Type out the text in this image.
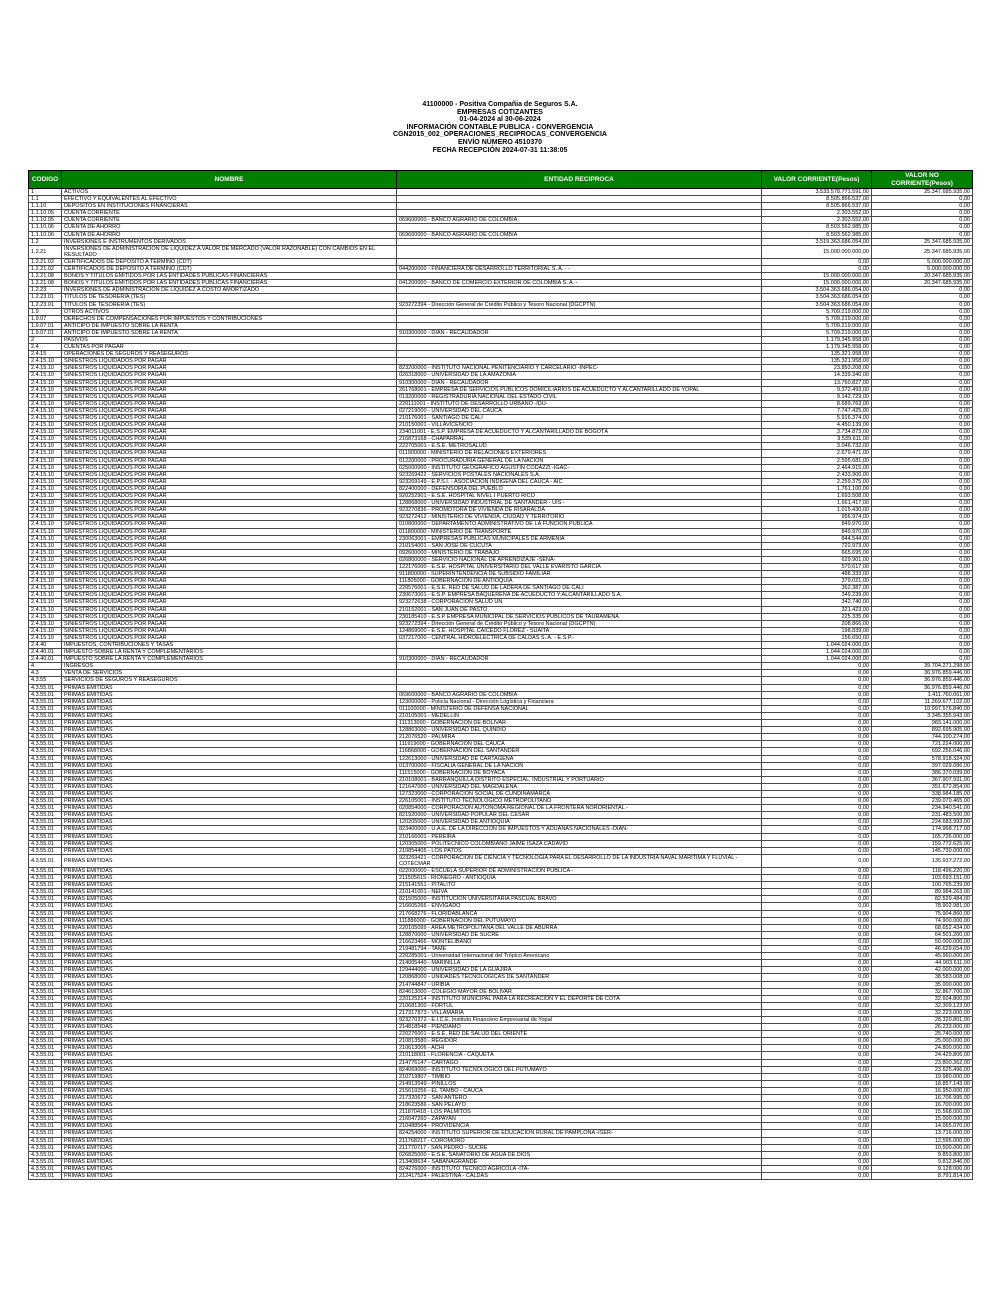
41100000 - Positiva Compañia de Seguros S.A.
EMPRESAS COTIZANTES
01-04-2024 al 30-06-2024
INFORMACIÓN CONTABLE PUBLICA - CONVERGENCIA
CGN2015_002_OPERACIONES_RECIPROCAS_CONVERGENCIA
ENVÍO NÚMERO 4510370
FECHA RECEPCIÓN 2024-07-31 11:38:05
CODIGO	NOMBRE	ENTIDAD RECIPROCA	VALOR CORRIENTE(Pesos)	VALOR NO CORRIENTE(Pesos)
1	ACTIVOS		3.533.578.771.591,00	25.347.685.935,00
1.1	EFECTIVO Y EQUIVALENTES AL EFECTIVO		8.505.866.537,00	0,00
1.1.10	DEPOSITOS EN INSTITUCIONES FINANCIERAS		8.505.866.537,00	0,00
1.1.10.05	CUENTA CORRIENTE		2.303.552,00	0,00
1.1.10.05	CUENTA CORRIENTE	069600000 - BANCO AGRARIO DE COLOMBIA	2.303.552,00	0,00
1.1.10.06	CUENTA DE AHORRO		8.503.562.985,00	0,00
1.1.10.06	CUENTA DE AHORRO	069600000 - BANCO AGRARIO DE COLOMBIA	8.503.562.985,00	0,00
1.2	INVERSIONES E INSTRUMENTOS DERIVADOS		3.519.363.686.054,00	25.347.685.935,00
1.2.21	INVERSIONES DE ADMINISTRACIÓN DE LIQUIDEZ A VALOR DE MERCADO (VALOR RAZONABLE) CON CAMBIOS EN EL RESULTADO		15.000.000.000,00	25.347.685.935,00
1.2.21.02	CERTIFICADOS DE DEPÓSITO A TÉRMINO (CDT)		0,00	5.000.000.000,00
1.2.21.02	CERTIFICADOS DE DEPÓSITO A TÉRMINO (CDT)	044200000 - FINANCIERA DE DESARROLLO TERRITORIAL S. A. - -	0,00	5.000.000.000,00
1.2.21.08	BONOS Y TÍTULOS EMITIDOS POR LAS ENTIDADES PUBLICAS FINANCIERAS		15.000.000.000,00	20.347.685.935,00
1.2.21.08	BONOS Y TÍTULOS EMITIDOS POR LAS ENTIDADES PUBLICAS FINANCIERAS	041200000 - BANCO DE COMERCIO EXTERIOR DE COLOMBIA S. A. -	15.000.000.000,00	20.347.685.935,00
1.2.23	INVERSIONES DE ADMINISTRACIÓN DE LIQUIDEZ A COSTO AMORTIZADO		3.504.363.686.054,00	0,00
1.2.23.01	TÍTULOS DE TESORERÍA (TES)		3.504.363.686.054,00	0,00
1.2.23.01	TÍTULOS DE TESORERÍA (TES)	923272394 - Dirección General de Crédito Público y Tesoro Nacional (DGCPTN)	3.504.363.686.054,00	0,00
1.9	OTROS ACTIVOS		5.709.219.000,00	0,00
1.9.07	DERECHOS DE COMPENSACIONES POR IMPUESTOS Y CONTRIBUCIONES		5.709.219.000,00	0,00
1.9.07.01	ANTICIPO DE IMPUESTO SOBRE LA RENTA		5.709.219.000,00	0,00
1.9.07.01	ANTICIPO DE IMPUESTO SOBRE LA RENTA	910300000 - DIAN - RECAUDADOR	5.709.219.000,00	0,00
2	PASIVOS		1.179.345.958,00	0,00
2.4	CUENTAS POR PAGAR		1.179.345.958,00	0,00
2.4.15	OPERACIONES DE SEGUROS Y REASEGUROS		135.321.958,00	0,00
2.4.15.10	SINIESTROS LIQUIDADOS POR PAGAR		135.321.958,00	0,00
2.4.15.10	SINIESTROS LIQUIDADOS POR PAGAR	823200000 - INSTITUTO NACIONAL PENITENCIARIO Y CARCELARIO -INPEC-	23.893.208,00	0,00
2.4.15.10	SINIESTROS LIQUIDADOS POR PAGAR	026318000 - UNIVERSIDAD DE LA AMAZONIA	14.339.340,00	0,00
2.4.15.10	SINIESTROS LIQUIDADOS POR PAGAR	910300000 - DIAN - RECAUDADOR	13.760.827,00	0,00
2.4.15.10	SINIESTROS LIQUIDADOS POR PAGAR	261768001 - EMPRESA DE SERVICIOS PUBLICOS DOMICILIARIOS DE ACUEDUCTO Y ALCANTARILLADO DE YOPAL	9.372.493,00	0,00
2.4.15.10	SINIESTROS LIQUIDADOS POR PAGAR	013200000 - REGISTRADURIA NACIONAL DEL ESTADO CIVIL	9.142.729,00	0,00
2.4.15.10	SINIESTROS LIQUIDADOS POR PAGAR	220111001 - INSTITUTO DE DESARROLLO URBANO -IDU-	8.689.763,00	0,00
2.4.15.10	SINIESTROS LIQUIDADOS POR PAGAR	027219000 - UNIVERSIDAD DEL CAUCA	7.747.425,00	0,00
2.4.15.10	SINIESTROS LIQUIDADOS POR PAGAR	210176001 - SANTIAGO DE CALI	5.916.374,00	0,00
2.4.15.10	SINIESTROS LIQUIDADOS POR PAGAR	210150001 - VILLAVICENCIO	4.450.139,00	0,00
2.4.15.10	SINIESTROS LIQUIDADOS POR PAGAR	234011001 - E.S.P. EMPRESA DE ACUEDUCTO Y ALCANTARILLADO DE BOGOTÁ	3.734.873,00	0,00
2.4.15.10	SINIESTROS LIQUIDADOS POR PAGAR	216873168 - CHAPARRAL	3.539.611,00	0,00
2.4.15.10	SINIESTROS LIQUIDADOS POR PAGAR	222705001 - E.S.E. METROSALUD	3.046.732,00	0,00
2.4.15.10	SINIESTROS LIQUIDADOS POR PAGAR	011900000 - MINISTERIO DE RELACIONES EXTERIORES	2.679.471,00	0,00
2.4.15.10	SINIESTROS LIQUIDADOS POR PAGAR	012200000 - PROCURADURIA GENERAL DE LA NACION	2.595.681,00	0,00
2.4.15.10	SINIESTROS LIQUIDADOS POR PAGAR	025000000 - INSTITUTO GEOGRÁFICO AGUSTIN CODAZZI -IGAC-	2.464.915,00	0,00
2.4.15.10	SINIESTROS LIQUIDADOS POR PAGAR	923269422 - SERVICIOS POSTALES NACIONALES S.A.	2.433.900,00	0,00
2.4.15.10	SINIESTROS LIQUIDADOS POR PAGAR	923269149 - E.P.S.I. - ASOCIACION INDIGENA DEL CAUCA - AIC	2.259.375,00	0,00
2.4.15.10	SINIESTROS LIQUIDADOS POR PAGAR	822400000 - DEFENSORÍA DEL PUEBLO	1.761.100,00	0,00
2.4.15.10	SINIESTROS LIQUIDADOS POR PAGAR	920252901 - E.S.E. HOSPITAL NIVEL I PUERTO RICO	1.693.508,00	0,00
2.4.15.10	SINIESTROS LIQUIDADOS POR PAGAR	128868000 - UNIVERSIDAD INDUSTRIAL DE SANTANDER - UIS -	1.661.417,00	0,00
2.4.15.10	SINIESTROS LIQUIDADOS POR PAGAR	923270836 - PROMOTORA DE VIVIENDA DE RISARALDA	1.015.430,00	0,00
2.4.15.10	SINIESTROS LIQUIDADOS POR PAGAR	923272412 - MINISTERIO DE VIVIENDA, CIUDAD Y TERRITORIO	956.974,00	0,00
2.4.15.10	SINIESTROS LIQUIDADOS POR PAGAR	010800000 - DEPARTAMENTO ADMINISTRATIVO DE LA FUNCIÓN PUBLICA	849.970,00	0,00
2.4.15.10	SINIESTROS LIQUIDADOS POR PAGAR	011800000 - MINISTERIO DE TRANSPORTE	849.970,00	0,00
2.4.15.10	SINIESTROS LIQUIDADOS POR PAGAR	230063001 - EMPRESAS PUBLICAS MUNICIPALES DE ARMENIA	844.544,00	0,00
2.4.15.10	SINIESTROS LIQUIDADOS POR PAGAR	210154001 - SAN JOSÉ DE CÚCUTA	722.973,00	0,00
2.4.15.10	SINIESTROS LIQUIDADOS POR PAGAR	092600000 - MINISTERIO DE TRABAJO	665.695,00	0,00
2.4.15.10	SINIESTROS LIQUIDADOS POR PAGAR	026800000 - SERVICIO NACIONAL DE APRENDIZAJE -SENA-	629.901,00	0,00
2.4.15.10	SINIESTROS LIQUIDADOS POR PAGAR	122176000 - E.S.E. HOSPITAL UNIVERSITARIO DEL VALLE EVARISTO GARCIA	570.617,00	0,00
2.4.15.10	SINIESTROS LIQUIDADOS POR PAGAR	911800000 - SUPERINTENDENCIA DE SUBSIDIO FAMILIAR	488.333,00	0,00
2.4.15.10	SINIESTROS LIQUIDADOS POR PAGAR	111805000 - GOBERNACIÓN DE ANTIOQUIA	379.021,00	0,00
2.4.15.10	SINIESTROS LIQUIDADOS POR PAGAR	220576001 - E.S.E. RED DE SALUD DE LADERA DE SANTIAGO DE CALI	362.387,00	0,00
2.4.15.10	SINIESTROS LIQUIDADOS POR PAGAR	230673001 - E.S.P. EMPRESA BAQUEREÑA DE ACUEDUCTO Y ALCANTARILLADO S.A.	349.239,00	0,00
2.4.15.10	SINIESTROS LIQUIDADOS POR PAGAR	923272638 - CORPORACIÓN SALUD UN	342.740,00	0,00
2.4.15.10	SINIESTROS LIQUIDADOS POR PAGAR	210152001 - SAN JUAN DE PASTO	321.423,00	0,00
2.4.15.10	SINIESTROS LIQUIDADOS POR PAGAR	230185410 - E.S.P EMPRESA MUNICIPAL DE SERVICIOS PUBLICOS DE TAURAMENA	225.335,00	0,00
2.4.15.10	SINIESTROS LIQUIDADOS POR PAGAR	923272394 - Dirección General de Crédito Público y Tesoro Nacional (DGCPTN)	208.866,00	0,00
2.4.15.10	SINIESTROS LIQUIDADOS POR PAGAR	124869000 - E.S.E. HOSPITAL CAICEDO FLOREZ - SUAITA	198.839,00	0,00
2.4.15.10	SINIESTROS LIQUIDADOS POR PAGAR	037217000 - CENTRAL HIDROELECTRICA DE CALDAS S. A. - E.S.P.-	156.650,00	0,00
2.4.40	IMPUESTOS, CONTRIBUCIONES Y TASAS		1.044.024.000,00	0,00
2.4.40.01	IMPUESTO SOBRE LA RENTA Y COMPLEMENTARIOS		1.044.024.000,00	0,00
2.4.40.01	IMPUESTO SOBRE LA RENTA Y COMPLEMENTARIOS	910300000 - DIAN - RECAUDADOR	1.044.024.000,00	0,00
4	INGRESOS		0,00	39.704.271.298,00
4.3	VENTA DE SERVICIOS		0,00	36.976.859.446,00
4.3.55	SERVICIOS DE SEGUROS Y REASEGUROS		0,00	36.976.859.446,00
4.3.55.01	PRIMAS EMITIDAS		0,00	36.976.859.446,00
4.3.55.01	PRIMAS EMITIDAS	069600000 - BANCO AGRARIO DE COLOMBIA	0,00	1.411.760.061,00
4.3.55.01	PRIMAS EMITIDAS	123000000 - Policía Nacional - Dirección Logística y Financiera	0,00	11.269.677.102,00
4.3.55.01	PRIMAS EMITIDAS	011100000 - MINISTERIO DE DEFENSA NACIONAL	0,00	10.997.576.840,00
4.3.55.01	PRIMAS EMITIDAS	210105001 - MEDELLÍN	0,00	3.345.355.943,00
4.3.55.01	PRIMAS EMITIDAS	111313000 - GOBERNACIÓN DE BOLIVAR	0,00	983.141.000,00
4.3.55.01	PRIMAS EMITIDAS	128863000 - UNIVERSIDAD DEL QUINDIO	0,00	892.695.905,00
4.3.55.01	PRIMAS EMITIDAS	212076520 - PALMIRA	0,00	744.100.274,00
4.3.55.01	PRIMAS EMITIDAS	111919000 - GOBERNACIÓN DEL CAUCA	0,00	721.224.000,00
4.3.55.01	PRIMAS EMITIDAS	116868000 - GOBERNACIÓN DEL SANTANDER	0,00	692.256.046,00
4.3.55.01	PRIMAS EMITIDAS	122613000 - UNIVERSIDAD DE CARTAGENA	0,00	578.918.324,00
4.3.55.01	PRIMAS EMITIDAS	013700000 - FISCALIA GENERAL DE LA NACION	0,00	397.029.086,00
4.3.55.01	PRIMAS EMITIDAS	111515000 - GOBERNACIÓN DE BOYACÁ	0,00	386.370.039,00
4.3.55.01	PRIMAS EMITIDAS	210108001 - BARRANQUILLA DISTRITO ESPECIAL, INDUSTRIAL Y PORTUARIO	0,00	367.907.931,00
4.3.55.01	PRIMAS EMITIDAS	121647000 - UNIVERSIDAD DEL MAGDALENA	0,00	351.672.854,00
4.3.55.01	PRIMAS EMITIDAS	127323000 - CORPORACIÓN SOCIAL DE CUNDINAMARCA	0,00	338.984.185,00
4.3.55.01	PRIMAS EMITIDAS	226105001 - INSTITUTO TECNOLOGICO METROPOLITANO	0,00	239.070.465,00
4.3.55.01	PRIMAS EMITIDAS	020854000 - CORPORACION AUTONOMA REGIONAL DE LA FRONTERA NORORIENTAL -	0,00	234.940.541,00
4.3.55.01	PRIMAS EMITIDAS	821920000 - UNIVERSIDAD POPULAR DEL CESAR	0,00	231.483.500,00
4.3.55.01	PRIMAS EMITIDAS	120205000 - UNIVERSIDAD DE ANTIOQUIA	0,00	224.683.993,00
4.3.55.01	PRIMAS EMITIDAS	823400000 - U.A.E. DE LA DIRECCIÓN DE IMPUESTOS Y ADUANAS NACIONALES -DIAN-	0,00	174.968.717,00
4.3.55.01	PRIMAS EMITIDAS	210166001 - PEREIRA	0,00	165.726.000,00
4.3.55.01	PRIMAS EMITIDAS	120305000 - POLITECNICO COLOMBIANO JAIME ISAZA CADAVID	0,00	159.772.625,00
4.3.55.01	PRIMAS EMITIDAS	210854405 - LOS PATOS	0,00	145.730.000,00
4.3.55.01	PRIMAS EMITIDAS	923269421 - CORPORACION DE CIENCIA Y TECNOLOGIA PARA EL DESARROLLO DE LA INDUSTRIA NAVAL MARITIMA Y FLUVIAL - COTECMAR	0,00	135.937.272,00
4.3.55.01	PRIMAS EMITIDAS	022000000 - ESCUELA SUPERIOR DE ADMINISTRACIÓN PUBLICA -	0,00	118.496.220,00
4.3.55.01	PRIMAS EMITIDAS	211505615 - RIONEGRO - ANTIOQUIA	0,00	103.693.151,00
4.3.55.01	PRIMAS EMITIDAS	215141551 - PITALITO	0,00	100.765.239,00
4.3.55.01	PRIMAS EMITIDAS	210141001 - NEIVA	0,00	89.984.263,00
4.3.55.01	PRIMAS EMITIDAS	821505000 - INSTITUCIÓN UNIVERSITARIA PASCUAL BRAVO	0,00	82.529.484,00
4.3.55.01	PRIMAS EMITIDAS	216605266 - ENVIGADO	0,00	78.902.981,00
4.3.55.01	PRIMAS EMITIDAS	217668276 - FLORIDABLANCA	0,00	75.904.860,00
4.3.55.01	PRIMAS EMITIDAS	111886000 - GOBERNACIÓN DEL PUTUMAYO	0,00	74.900.000,00
4.3.55.01	PRIMAS EMITIDAS	220105099 - AREA METROPOLITANA DEL VALLE DE ABURRA	0,00	68.652.434,00
4.3.55.01	PRIMAS EMITIDAS	128870000 - UNIVERSIDAD DE SUCRE	0,00	64.501.200,00
4.3.55.01	PRIMAS EMITIDAS	216623466 - MONTELIBANO	0,00	50.000.000,00
4.3.55.01	PRIMAS EMITIDAS	219481794 - TAME	0,00	46.629.654,00
4.3.55.01	PRIMAS EMITIDAS	220285001 - Universidad Internacional del Trópico Americano	0,00	45.960.000,00
4.3.55.01	PRIMAS EMITIDAS	214005440 - MARINILLA	0,00	44.903.611,00
4.3.55.01	PRIMAS EMITIDAS	129444000 - UNIVERSIDAD DE LA GUAJIRA	0,00	42.000.000,00
4.3.55.01	PRIMAS EMITIDAS	120868000 - UNIDADES TECNOLOGICAS DE SANTANDER	0,00	38.583.008,00
4.3.55.01	PRIMAS EMITIDAS	214744847 - URIBIA	0,00	35.000.000,00
4.3.55.01	PRIMAS EMITIDAS	824613000 - COLEGIO MAYOR DE BOLIVAR	0,00	32.867.700,00
4.3.55.01	PRIMAS EMITIDAS	220125214 - INSTITUTO MUNICIPAL PARA LA RECREACIÓN Y EL DEPORTE DE COTA	0,00	32.604.800,00
4.3.55.01	PRIMAS EMITIDAS	210681300 - FORTUL	0,00	32.309.123,00
4.3.55.01	PRIMAS EMITIDAS	217317873 - VILLAMARÍA	0,00	32.223.000,00
4.3.55.01	PRIMAS EMITIDAS	923270372 - E.I.C.E. Instituto Financiero Empresarial de Yopal	0,00	28.320.801,00
4.3.55.01	PRIMAS EMITIDAS	214818548 - PIENDAMO	0,00	26.233.000,00
4.3.55.01	PRIMAS EMITIDAS	220276001 - E.S.E. RED DE SALUD DEL ORIENTE	0,00	25.740.000,00
4.3.55.01	PRIMAS EMITIDAS	210813580 - REGIDOR	0,00	25.000.000,00
4.3.55.01	PRIMAS EMITIDAS	210613006 - ACHÍ	0,00	24.800.000,00
4.3.55.01	PRIMAS EMITIDAS	210118001 - FLORENCIA - CAQUETÁ	0,00	24.429.806,00
4.3.55.01	PRIMAS EMITIDAS	214776147 - CARTAGO	0,00	23.800.362,00
4.3.55.01	PRIMAS EMITIDAS	824069000 - INSTITUTO TECNOLOGICO DEL PUTUMAYO	0,00	23.625.496,00
4.3.55.01	PRIMAS EMITIDAS	210719807 - TIMBIO	0,00	19.980.000,00
4.3.55.01	PRIMAS EMITIDAS	214913549 - PINILLOS	0,00	18.857.143,00
4.3.55.01	PRIMAS EMITIDAS	215619256 - EL TAMBO - CAUCA	0,00	16.950.000,00
4.3.55.01	PRIMAS EMITIDAS	217320672 - SAN ANTERO	0,00	16.706.995,00
4.3.55.01	PRIMAS EMITIDAS	218623586 - SAN PELAYO	0,00	16.700.000,00
4.3.55.01	PRIMAS EMITIDAS	211870418 - LOS PALMITOS	0,00	15.568.000,00
4.3.55.01	PRIMAS EMITIDAS	216047260 - ZAPAYAN	0,00	15.000.000,00
4.3.55.01	PRIMAS EMITIDAS	210488564 - PROVIDENCIA	0,00	14.065.070,00
4.3.55.01	PRIMAS EMITIDAS	824254000 - INSTITUTO SUPERIOR DE EDUCACION RURAL DE PAMPLONA -ISER-	0,00	13.716.000,00
4.3.55.01	PRIMAS EMITIDAS	211768217 - COROMORO	0,00	12.595.000,00
4.3.55.01	PRIMAS EMITIDAS	211770717 - SAN PEDRO - SUCRE	0,00	10.500.000,00
4.3.55.01	PRIMAS EMITIDAS	026825000 - E.S.E. SANATORIO DE AGUA DE DIOS	0,00	9.853.800,00
4.3.55.01	PRIMAS EMITIDAS	213408634 - SABANAGRANDE	0,00	9.812.846,00
4.3.55.01	PRIMAS EMITIDAS	824276000 - INSTITUTO TECNICO AGRICOLA -ITA-	0,00	9.128.000,00
4.3.55.01	PRIMAS EMITIDAS	212417524 - PALESTINA - CALDAS	0,00	8.791.814,00
